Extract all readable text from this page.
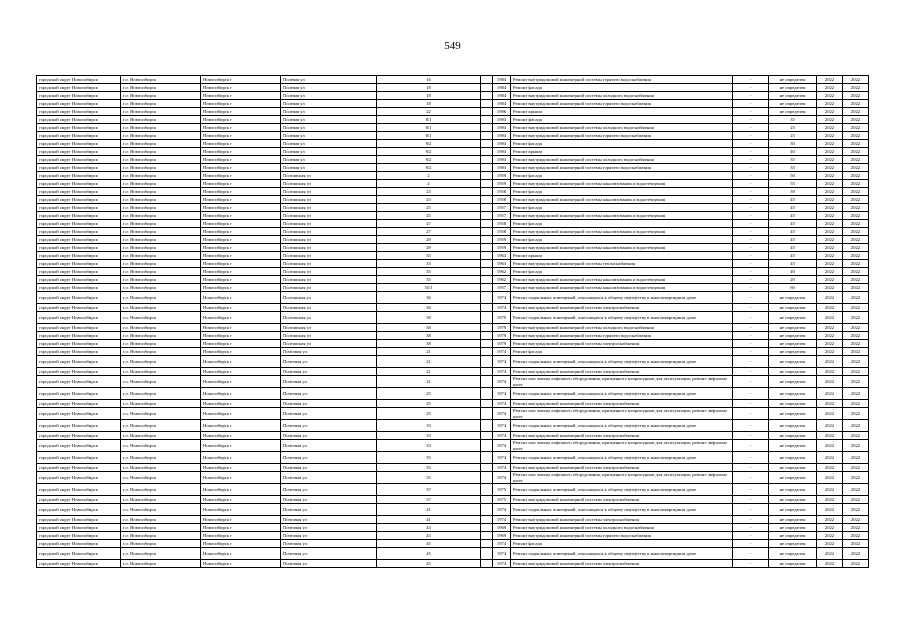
549
городской округ Новосибирск	г.о. Новосибирск	Новосибирск г	Полевая ул	16		1984	Ремонт внутридомовой инженерной системы горячего водоснабжения	-	не определен	2022	2022
городской округ Новосибирск	г.о. Новосибирск	Новосибирск г	Полевая ул	18		1984	Ремонт фасада	-	не определен	2022	2022
городской округ Новосибирск	г.о. Новосибирск	Новосибирск г	Полевая ул	18		1984	Ремонт внутридомовой инженерной системы холодного водоснабжения	-	не определен	2022	2022
городской округ Новосибирск	г.о. Новосибирск	Новосибирск г	Полевая ул	18		1984	Ремонт внутридомовой инженерной системы горячего водоснабжения	-	не определен	2022	2022
городской округ Новосибирск	г.о. Новосибирск	Новосибирск г	Полевая ул	22		1986	Ремонт крыши	-	не определен	2022	2022
городской округ Новосибирск	г.о. Новосибирск	Новосибирск г	Полевая ул	8/1		1983	Ремонт фасада	-	35	2022	2022
городской округ Новосибирск	г.о. Новосибирск	Новосибирск г	Полевая ул	8/1		1983	Ремонт внутридомовой инженерной системы холодного водоснабжения	-	25	2022	2022
городской округ Новосибирск	г.о. Новосибирск	Новосибирск г	Полевая ул	8/1		1983	Ремонт внутридомовой инженерной системы горячего водоснабжения	-	25	2022	2022
городской округ Новосибирск	г.о. Новосибирск	Новосибирск г	Полевая ул	8/2		1983	Ремонт фасада	-	30	2022	2022
городской округ Новосибирск	г.о. Новосибирск	Новосибирск г	Полевая ул	8/2		1983	Ремонт крыши	-	40	2022	2022
городской округ Новосибирск	г.о. Новосибирск	Новосибирск г	Полевая ул	8/2		1983	Ремонт внутридомовой инженерной системы холодного водоснабжения	-	35	2022	2022
городской округ Новосибирск	г.о. Новосибирск	Новосибирск г	Полевая ул	8/2		1983	Ремонт внутридомовой инженерной системы горячего водоснабжения	-	35	2022	2022
городской округ Новосибирск	г.о. Новосибирск	Новосибирск г	Полтавская ул	2		1959	Ремонт фасада	-	50	2022	2022
городской округ Новосибирск	г.о. Новосибирск	Новосибирск г	Полтавская ул	2		1959	Ремонт внутридомовой инженерной системы канализования и водоотведения	-	55	2022	2022
городской округ Новосибирск	г.о. Новосибирск	Новосибирск г	Полтавская ул	23		1958	Ремонт фасада	-	39	2022	2022
городской округ Новосибирск	г.о. Новосибирск	Новосибирск г	Полтавская ул	23		1958	Ремонт внутридомовой инженерной системы канализования и водоотведения	-	45	2022	2022
городской округ Новосибирск	г.о. Новосибирск	Новосибирск г	Полтавская ул	25		1957	Ремонт фасада	-	45	2022	2022
городской округ Новосибирск	г.о. Новосибирск	Новосибирск г	Полтавская ул	25		1957	Ремонт внутридомовой инженерной системы канализования и водоотведения	-	45	2022	2022
городской округ Новосибирск	г.о. Новосибирск	Новосибирск г	Полтавская ул	27		1958	Ремонт фасада	-	45	2022	2022
городской округ Новосибирск	г.о. Новосибирск	Новосибирск г	Полтавская ул	27		1958	Ремонт внутридомовой инженерной системы канализования и водоотведения	-	45	2022	2022
городской округ Новосибирск	г.о. Новосибирск	Новосибирск г	Полтавская ул	29		1959	Ремонт фасада	-	45	2022	2022
городской округ Новосибирск	г.о. Новосибирск	Новосибирск г	Полтавская ул	29		1959	Ремонт внутридомовой инженерной системы канализования и водоотведения	-	45	2022	2022
городской округ Новосибирск	г.о. Новосибирск	Новосибирск г	Полтавская ул	33		1963	Ремонт крыши	-	45	2022	2022
городской округ Новосибирск	г.о. Новосибирск	Новосибирск г	Полтавская ул	33		1963	Ремонт внутридомовой инженерной системы теплоснабжения	-	45	2022	2022
городской округ Новосибирск	г.о. Новосибирск	Новосибирск г	Полтавская ул	35		1962	Ремонт фасада	-	40	2022	2022
городской округ Новосибирск	г.о. Новосибирск	Новосибирск г	Полтавская ул	35		1962	Ремонт внутридомовой инженерной системы канализования и водоотведения	-	20	2022	2022
городской округ Новосибирск	г.о. Новосибирск	Новосибирск г	Полтавская ул	35/1		1957	Ремонт внутридомовой инженерной системы канализования и водоотведения	-	60	2022	2022
городской округ Новосибирск	г.о. Новосибирск	Новосибирск г	Полтавская ул	36		1974	Ремонт подвальных помещений, относящихся к общему имуществу в многоквартирном доме	-	не определен	2022	2022
городской округ Новосибирск	г.о. Новосибирск	Новосибирск г	Полтавская ул	36		1974	Ремонт внутридомовой инженерной системы электроснабжения	-	не определен	2022	2022
городской округ Новосибирск	г.о. Новосибирск	Новосибирск г	Полтавская ул	38		1979	Ремонт подвальных помещений, относящихся к общему имуществу в многоквартирном доме	-	не определен	2022	2022
городской округ Новосибирск	г.о. Новосибирск	Новосибирск г	Полтавская ул	38		1979	Ремонт внутридомовой инженерной системы холодного водоснабжения	-	не определен	2022	2022
городской округ Новосибирск	г.о. Новосибирск	Новосибирск г	Полтавская ул	38		1979	Ремонт внутридомовой инженерной системы горячего водоснабжения	-	не определен	2022	2022
городской округ Новосибирск	г.о. Новосибирск	Новосибирск г	Полтавская ул	38		1979	Ремонт внутридомовой инженерной системы электроснабжения	-	не определен	2022	2022
городской округ Новосибирск	г.о. Новосибирск	Новосибирск г	Почтовая ул	21		1974	Ремонт фасада	-	не определен	2022	2022
городской округ Новосибирск	г.о. Новосибирск	Новосибирск г	Почтовая ул	21		1974	Ремонт подвальных помещений, относящихся к общему имуществу в многоквартирном доме	-	не определен	2022	2022
городской округ Новосибирск	г.о. Новосибирск	Новосибирск г	Почтовая ул	21		1974	Ремонт внутридомовой инженерной системы электроснабжения	-	не определен	2022	2022
городской округ Новосибирск	г.о. Новосибирск	Новосибирск г	Почтовая ул	21		1974	Ремонт или замена лифтового оборудования, признанного непригодным для эксплуатации, ремонт лифтовых шахт	-	не определен	2022	2022
городской округ Новосибирск	г.о. Новосибирск	Новосибирск г	Почтовая ул	25		1974	Ремонт подвальных помещений, относящихся к общему имуществу в многоквартирном доме	-	не определен	2022	2022
городской округ Новосибирск	г.о. Новосибирск	Новосибирск г	Почтовая ул	25		1974	Ремонт внутридомовой инженерной системы электроснабжения	-	не определен	2022	2022
городской округ Новосибирск	г.о. Новосибирск	Новосибирск г	Почтовая ул	25		1974	Ремонт или замена лифтового оборудования, признанного непригодным для эксплуатации, ремонт лифтовых шахт	-	не определен	2022	2022
городской округ Новосибирск	г.о. Новосибирск	Новосибирск г	Почтовая ул	33		1974	Ремонт подвальных помещений, относящихся к общему имуществу в многоквартирном доме	-	не определен	2022	2022
городской округ Новосибирск	г.о. Новосибирск	Новосибирск г	Почтовая ул	33		1974	Ремонт внутридомовой инженерной системы электроснабжения	-	не определен	2022	2022
городской округ Новосибирск	г.о. Новосибирск	Новосибирск г	Почтовая ул	33		1974	Ремонт или замена лифтового оборудования, признанного непригодным для эксплуатации, ремонт лифтовых шахт	-	не определен	2022	2022
городской округ Новосибирск	г.о. Новосибирск	Новосибирск г	Почтовая ул	35		1974	Ремонт подвальных помещений, относящихся к общему имуществу в многоквартирном доме	-	не определен	2022	2022
городской округ Новосибирск	г.о. Новосибирск	Новосибирск г	Почтовая ул	35		1974	Ремонт внутридомовой инженерной системы электроснабжения	-	не определен	2022	2022
городской округ Новосибирск	г.о. Новосибирск	Новосибирск г	Почтовая ул	35		1974	Ремонт или замена лифтового оборудования, признанного непригодным для эксплуатации, ремонт лифтовых шахт	-	не определен	2022	2022
городской округ Новосибирск	г.о. Новосибирск	Новосибирск г	Почтовая ул	37		1975	Ремонт подвальных помещений, относящихся к общему имуществу в многоквартирном доме	-	не определен	2022	2022
городской округ Новосибирск	г.о. Новосибирск	Новосибирск г	Почтовая ул	37		1975	Ремонт внутридомовой инженерной системы электроснабжения	-	не определен	2022	2022
городской округ Новосибирск	г.о. Новосибирск	Новосибирск г	Почтовая ул	41		1974	Ремонт подвальных помещений, относящихся к общему имуществу в многоквартирном доме	-	не определен	2022	2022
городской округ Новосибирск	г.о. Новосибирск	Новосибирск г	Почтовая ул	41		1974	Ремонт внутридомовой инженерной системы электроснабжения	-	не определен	2022	2022
городской округ Новосибирск	г.о. Новосибирск	Новосибирск г	Почтовая ул	43		1969	Ремонт внутридомовой инженерной системы холодного водоснабжения	-	не определен	2022	2022
городской округ Новосибирск	г.о. Новосибирск	Новосибирск г	Почтовая ул	43		1969	Ремонт внутридомовой инженерной системы горячего водоснабжения	-	не определен	2022	2022
городской округ Новосибирск	г.о. Новосибирск	Новосибирск г	Почтовая ул	45		1974	Ремонт фасада	-	не определен	2022	2022
городской округ Новосибирск	г.о. Новосибирск	Новосибирск г	Почтовая ул	45		1974	Ремонт подвальных помещений, относящихся к общему имуществу в многоквартирном доме	-	не определен	2022	2022
городской округ Новосибирск	г.о. Новосибирск	Новосибирск г	Почтовая ул	45		1974	Ремонт внутридомовой инженерной системы электроснабжения	-	не определен	2022	2022
